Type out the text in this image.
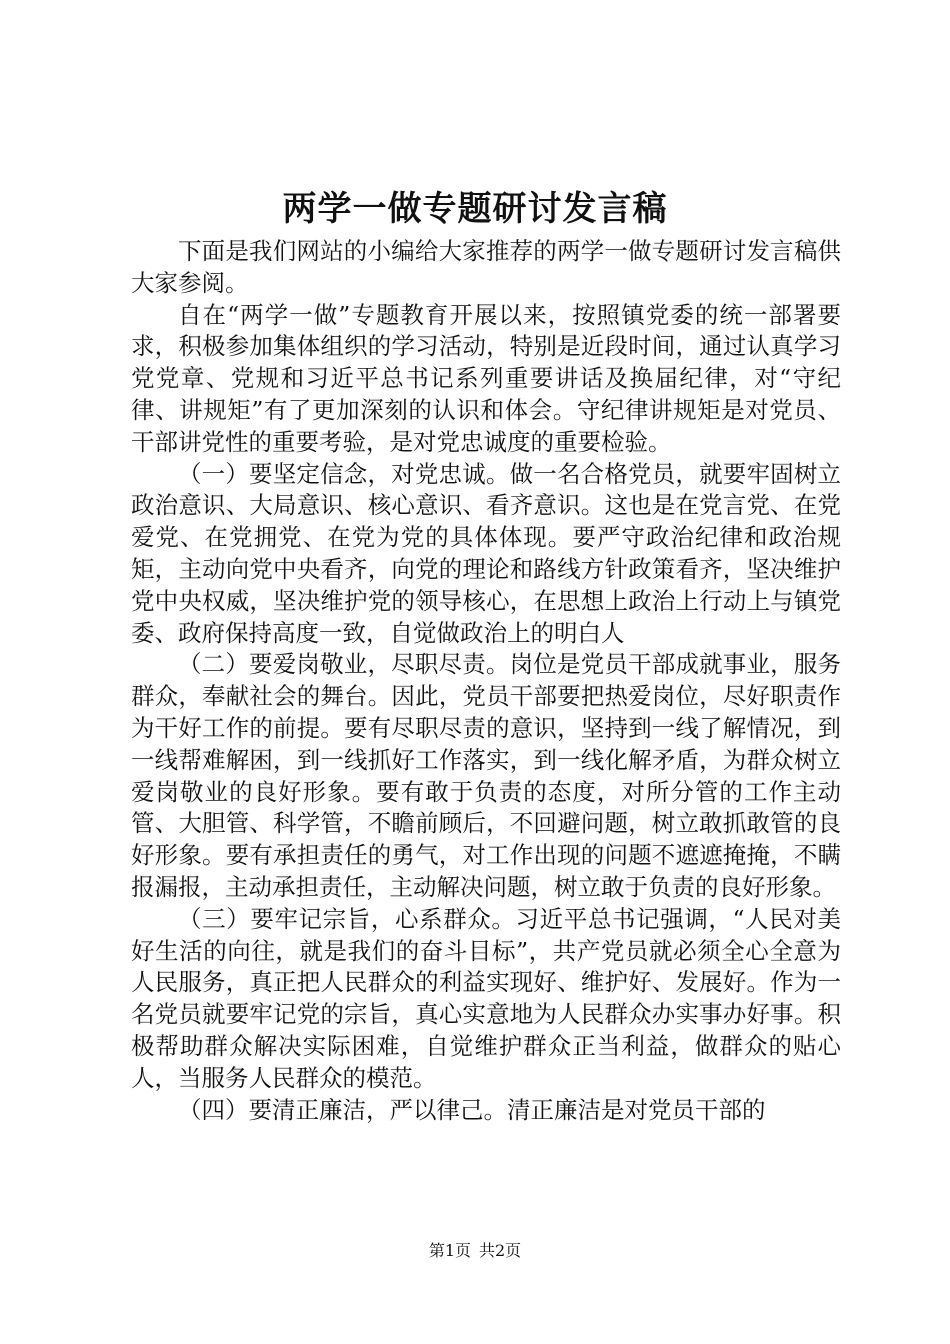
两学一做专题研讨发言稿

下面是我们网站的小编给大家推荐的两学一做专题研讨发言稿供大家参阅。

自在“两学一做”专题教育开展以来，按照镇党委的统一部署要求，积极参加集体组织的学习活动，特别是近段时间，通过认真学习党党章、党规和习近平总书记系列重要讲话及换届纪律，对“守纪律、讲规矩”有了更加深刻的认识和体会。守纪律讲规矩是对党员、干部讲党性的重要考验，是对党忠诚度的重要检验。

（一）要坚定信念，对党忠诚。做一名合格党员，就要牢固树立政治意识、大局意识、核心意识、看齐意识。这也是在党言党、在党爱党、在党拥党、在党为党的具体体现。要严守政治纪律和政治规矩，主动向党中央看齐，向党的理论和路线方针政策看齐，坚决维护党中央权威，坚决维护党的领导核心，在思想上政治上行动上与镇党委、政府保持高度一致，自觉做政治上的明白人

（二）要爱岗敬业，尽职尽责。岗位是党员干部成就事业，服务群众，奉献社会的舞台。因此，党员干部要把热爱岗位，尽好职责作为干好工作的前提。要有尽职尽责的意识，坚持到一线了解情况，到一线帮难解困，到一线抓好工作落实，到一线化解矛盾，为群众树立爱岗敬业的良好形象。要有敢于负责的态度，对所分管的工作主动管、大胆管、科学管，不瞻前顾后，不回避问题，树立敢抓敢管的良好形象。要有承担责任的勇气，对工作出现的问题不遮遮掩掩，不瞒报漏报，主动承担责任，主动解决问题，树立敢于负责的良好形象。

（三）要牢记宗旨，心系群众。习近平总书记强调，“人民对美好生活的向往，就是我们的奋斗目标”，共产党员就必须全心全意为人民服务，真正把人民群众的利益实现好、维护好、发展好。作为一名党员就要牢记党的宗旨，真心实意地为人民群众办实事办好事。积极帮助群众解决实际困难，自觉维护群众正当利益，做群众的贴心人，当服务人民群众的模范。

（四）要清正廉洁，严以律己。清正廉洁是对党员干部的

第1页 共2页
